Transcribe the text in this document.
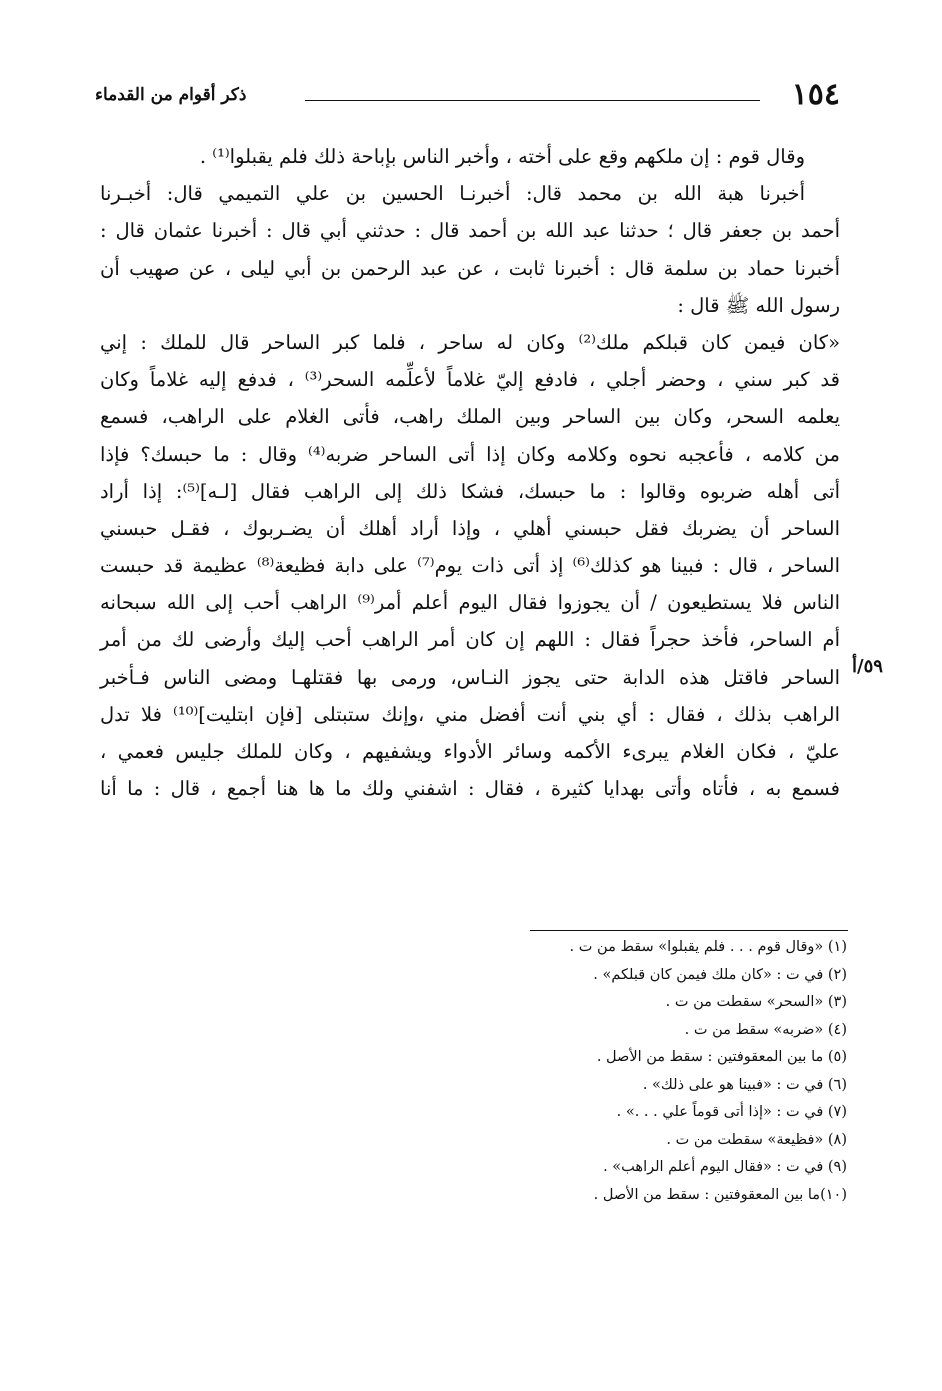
١٥٤
ذكر أقوام من القدماء
٥٩/أ
وقال قوم : إن ملكهم وقع على أخته ، وأخبر الناس بإباحة ذلك فلم يقبلوا⁽¹⁾ .
أخبرنا هبة الله بن محمد قال: أخبرنـا الحسين بن علي التميمي قال: أخبـرنا
أحمد بن جعفر قال ؛ حدثنا عبد الله بن أحمد قال : حدثني أبي قال : أخبرنا عثمان قال :
أخبرنا حماد بن سلمة قال : أخبرنا ثابت ، عن عبد الرحمن بن أبي ليلى ، عن صهيب أن
رسول الله ﷺ قال :
«كان فيمن كان قبلكم ملك⁽²⁾ وكان له ساحر ، فلما كبر الساحر قال للملك : إني
قد كبر سني ، وحضر أجلي ، فادفع إليّ غلاماً لأعلِّمه السحر⁽³⁾ ، فدفع إليه غلاماً وكان
يعلمه السحر، وكان بين الساحر وبين الملك راهب، فأتى الغلام على الراهب، فسمع
من كلامه ، فأعجبه نحوه وكلامه وكان إذا أتى الساحر ضربه⁽⁴⁾ وقال : ما حبسك؟ فإذا
أتى أهله ضربوه وقالوا : ما حبسك، فشكا ذلك إلى الراهب فقال [لـه]⁽⁵⁾: إذا أراد
الساحر أن يضربك فقل حبسني أهلي ، وإذا أراد أهلك أن يضـربوك ، فقـل حبسني
الساحر ، قال : فبينا هو كذلك⁽⁶⁾ إذ أتى ذات يوم⁽⁷⁾ على دابة فظيعة⁽⁸⁾ عظيمة قد حبست
الناس فلا يستطيعون / أن يجوزوا فقال اليوم أعلم أمر⁽⁹⁾ الراهب أحب إلى الله سبحانه
أم الساحر، فأخذ حجراً فقال : اللهم إن كان أمر الراهب أحب إليك وأرضى لك من أمر
الساحر فاقتل هذه الدابة حتى يجوز النـاس، ورمى بها فقتلهـا ومضى الناس فـأخبر
الراهب بذلك ، فقال : أي بني أنت أفضل مني ،وإنك ستبتلى [فإن ابتليت]⁽¹⁰⁾ فلا تدل
عليّ ، فكان الغلام يبرىء الأكمه وسائر الأدواء ويشفيهم ، وكان للملك جليس فعمي ،
فسمع به ، فأتاه وأتى بهدايا كثيرة ، فقال : اشفني ولك ما ها هنا أجمع ، قال : ما أنا
(١) «وقال قوم . . . فلم يقبلوا» سقط من ت .
(٢) في ت : «كان ملك فيمن كان قبلكم» .
(٣) «السحر» سقطت من ت .
(٤) «ضربه» سقط من ت .
(٥) ما بين المعقوفتين : سقط من الأصل .
(٦) في ت : «فبينا هو على ذلك» .
(٧) في ت : «إذا أتى قوماً علي . . .» .
(٨) «فظيعة» سقطت من ت .
(٩) في ت : «فقال اليوم أعلم الراهب» .
(١٠)ما بين المعقوفتين : سقط من الأصل .
